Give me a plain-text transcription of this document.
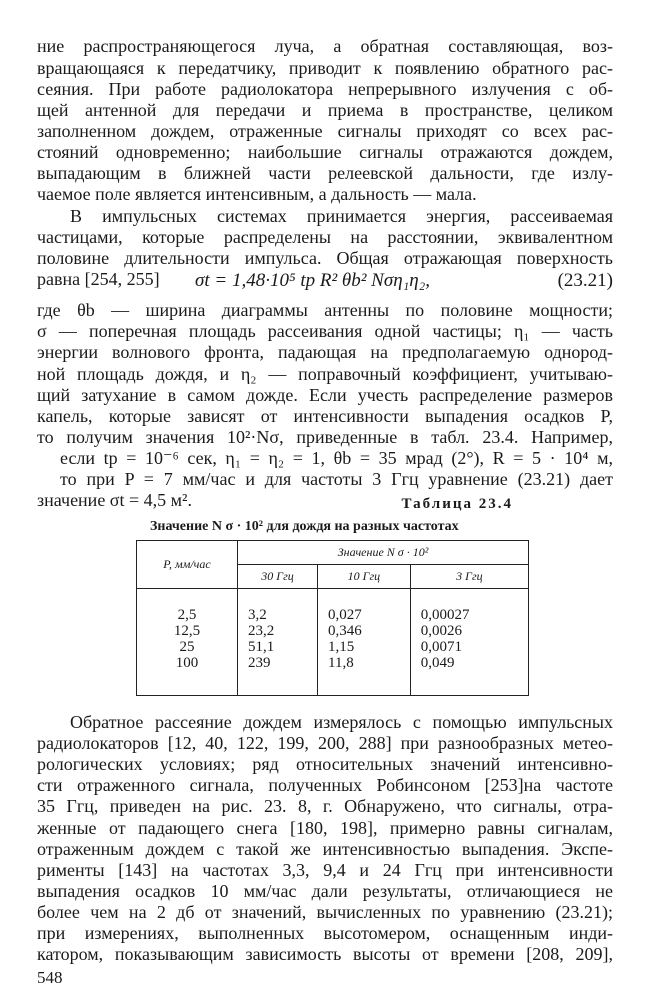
ние распространяющегося луча, а обратная составляющая, воз-
вращающаяся к передатчику, приводит к появлению обратного рас-
сеяния. При работе радиолокатора непрерывного излучения с об-
щей антенной для передачи и приема в пространстве, целиком
заполненном дождем, отраженные сигналы приходят со всех рас-
стояний одновременно; наибольшие сигналы отражаются дождем,
выпадающим в ближней части релеевской дальности, где излу-
чаемое поле является интенсивным, а дальность — мала.
В импульсных системах принимается энергия, рассеиваемая
частицами, которые распределены на расстоянии, эквивалентном
половине длительности импульса. Общая отражающая поверхность
равна [254, 255]	σt = 1,48·10⁵ tp R² θb² Nση₁η₂,	(23.21)
где θb — ширина диаграммы антенны по половине мощности;
σ — поперечная площадь рассеивания одной частицы; η₁ — часть
энергии волнового фронта, падающая на предполагаемую однород-
ной площадь дождя, и η₂ — поправочный коэффициент, учитываю-
щий затухание в самом дожде. Если учесть распределение размеров
капель, которые зависят от интенсивности выпадения осадков P,
то получим значения 10²·Nσ, приведенные в табл. 23.4. Например,
если tp = 10⁻⁶ сек, η₁ = η₂ = 1, θb = 35 мрад (2°), R = 5 · 10⁴ м,
то при P = 7 мм/час и для частоты 3 Ггц уравнение (23.21) дает
значение σt = 4,5 м².	Таблица 23.4
Значение N σ · 10² для дождя на разных частотах
P, мм/час	Значение N σ · 10²		
	30 Ггц	10 Ггц	3 Ггц
2,5	3,2	0,027	0,00027
12,5	23,2	0,346	0,0026
25	51,1	1,15	0,0071
100	239	11,8	0,049
Обратное рассеяние дождем измерялось с помощью импульсных
радиолокаторов [12, 40, 122, 199, 200, 288] при разнообразных метео-
рологических условиях; ряд относительных значений интенсивно-
сти отраженного сигнала, полученных Робинсоном [253]на частоте
35 Ггц, приведен на рис. 23. 8, г. Обнаружено, что сигналы, отра-
женные от падающего снега [180, 198], примерно равны сигналам,
отраженным дождем с такой же интенсивностью выпадения. Экспе-
рименты [143] на частотах 3,3, 9,4 и 24 Ггц при интенсивности
выпадения осадков 10 мм/час дали результаты, отличающиеся не
более чем на 2 дб от значений, вычисленных по уравнению (23.21);
при измерениях, выполненных высотомером, оснащенным инди-
катором, показывающим зависимость высоты от времени [208, 209],
548
